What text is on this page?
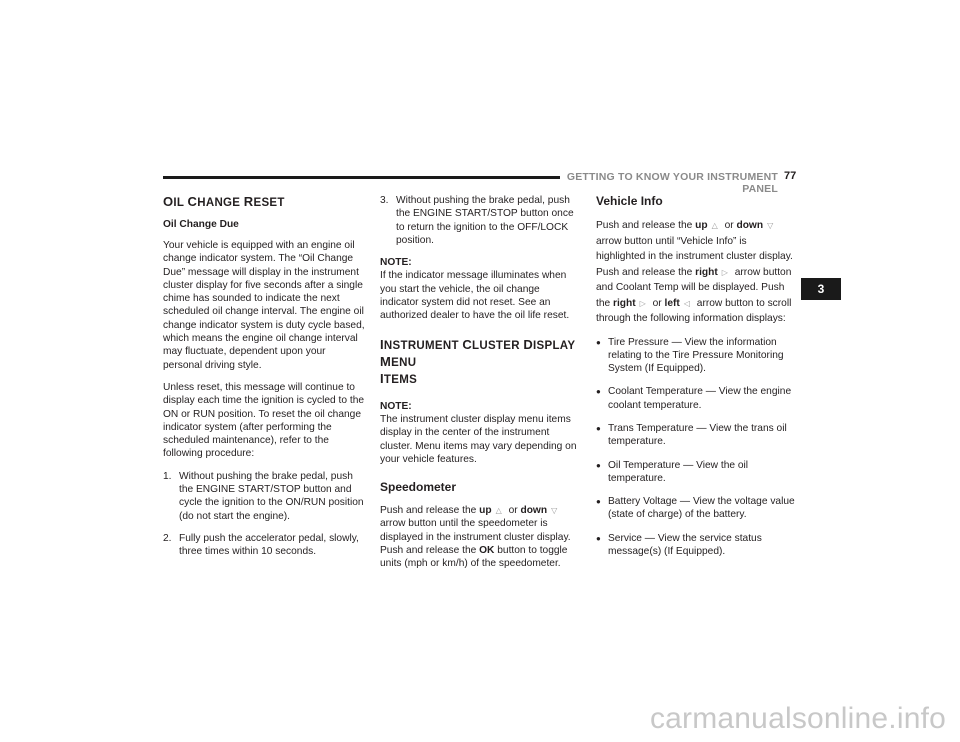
GETTING TO KNOW YOUR INSTRUMENT PANEL
77
3
OIL CHANGE RESET

Oil Change Due

Your vehicle is equipped with an engine oil change indicator system. The “Oil Change Due” message will display in the instrument cluster display for five seconds after a single chime has sounded to indicate the next scheduled oil change interval. The engine oil change indicator system is duty cycle based, which means the engine oil change interval may fluctuate, dependent upon your personal driving style.

Unless reset, this message will continue to display each time the ignition is cycled to the ON or RUN position. To reset the oil change indicator system (after performing the scheduled maintenance), refer to the following procedure:

1. Without pushing the brake pedal, push the ENGINE START/STOP button and cycle the ignition to the ON/RUN position (do not start the engine).
2. Fully push the accelerator pedal, slowly, three times within 10 seconds.
3. Without pushing the brake pedal, push the ENGINE START/STOP button once to return the ignition to the OFF/LOCK position.

NOTE:

If the indicator message illuminates when you start the vehicle, the oil change indicator system did not reset. See an authorized dealer to have the oil life reset.

INSTRUMENT CLUSTER DISPLAY MENU
ITEMS

NOTE:

The instrument cluster display menu items display in the center of the instrument cluster. Menu items may vary depending on your vehicle features.

Speedometer

Push and release the up △ or down ▽ arrow button until the speedometer is displayed in the instrument cluster display. Push and release the OK button to toggle units (mph or km/h) of the speedometer.

Vehicle Info

Push and release the up △ or down ▽ arrow button until “Vehicle Info” is highlighted in the instrument cluster display. Push and release the right ▷ arrow button and Coolant Temp will be displayed. Push the right ▷ or left ◁ arrow button to scroll through the following information displays:

● Tire Pressure — View the information relating to the Tire Pressure Monitoring System (If Equipped).
● Coolant Temperature — View the engine coolant temperature.
● Trans Temperature — View the trans oil temperature.
● Oil Temperature — View the oil temperature.
● Battery Voltage — View the voltage value (state of charge) of the battery.
● Service — View the service status message(s) (If Equipped).
carmanualsonline.info
